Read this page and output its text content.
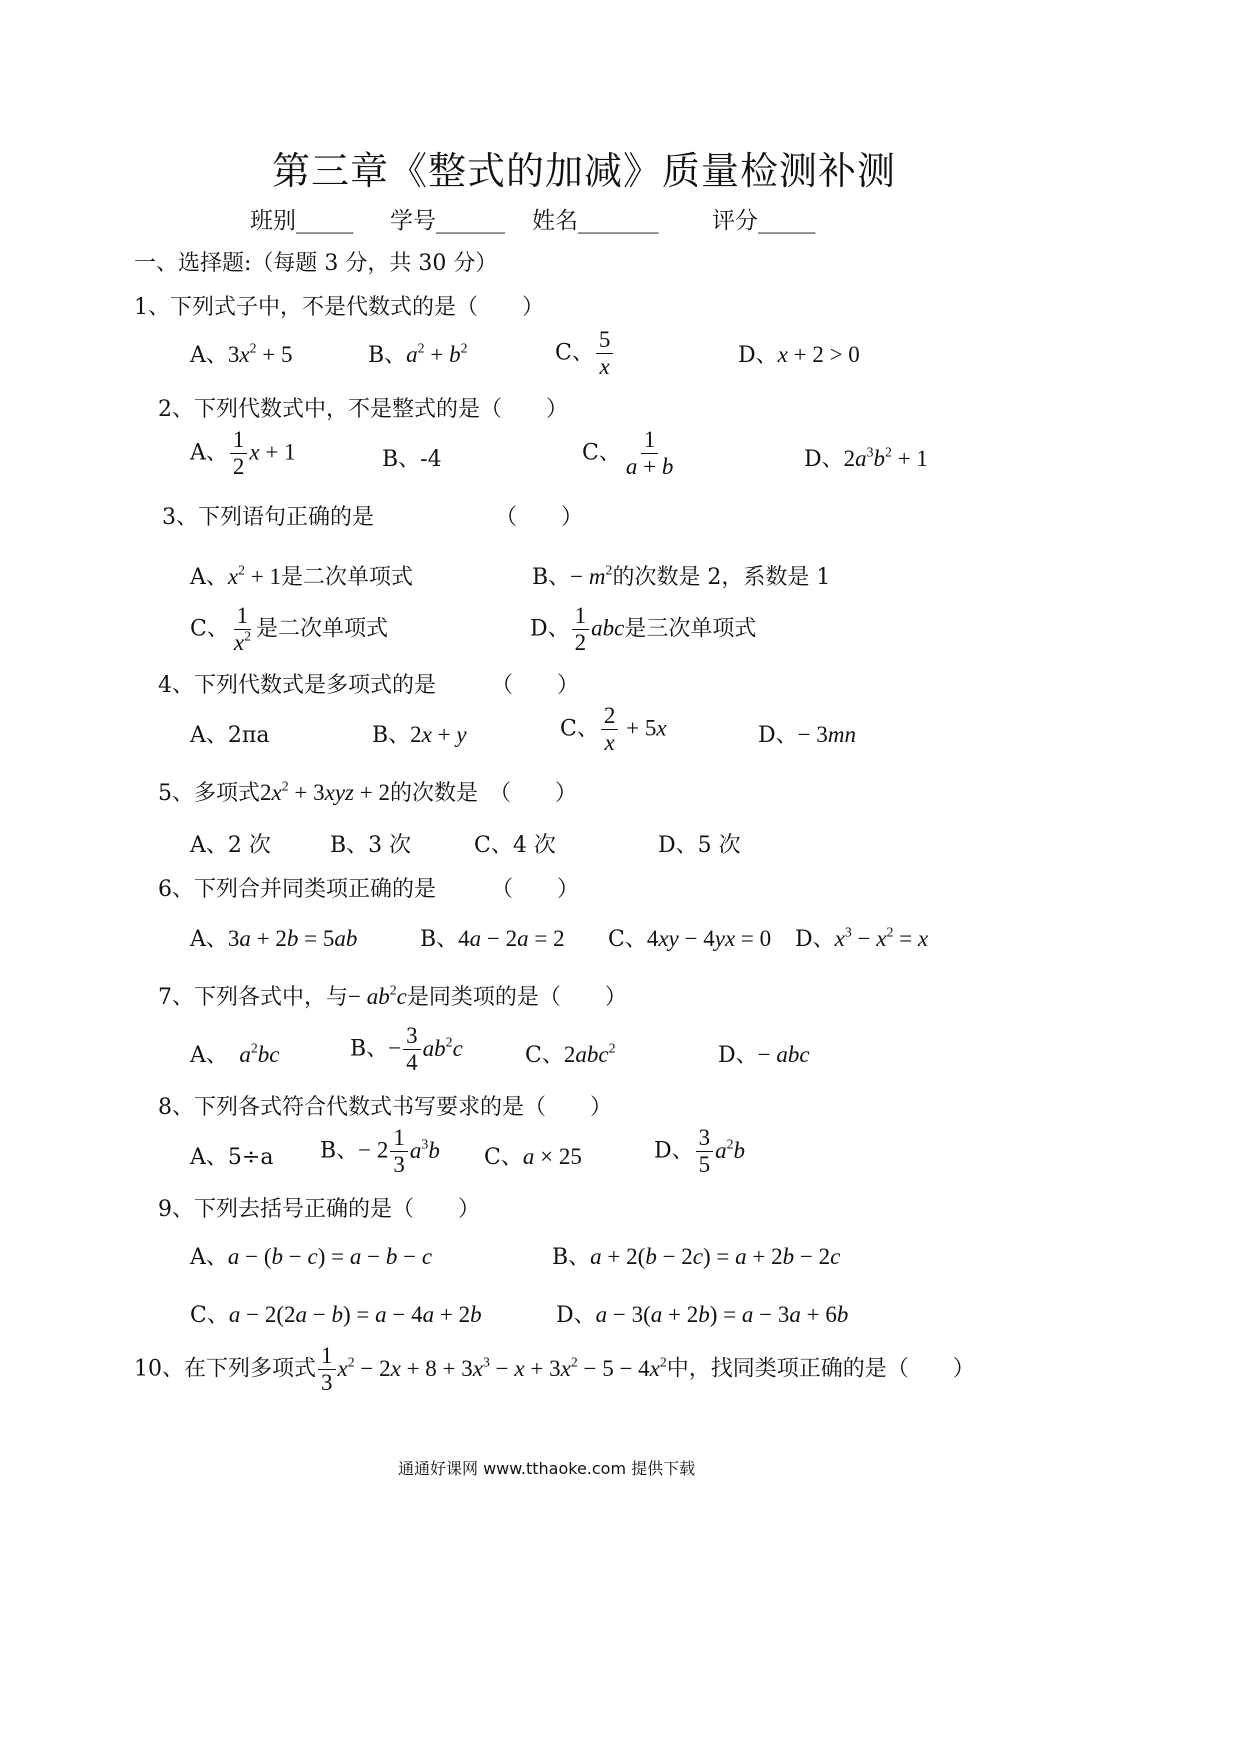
第三章《整式的加减》质量检测补测
班别_____ 学号______ 姓名_______ 评分_____
一、选择题:（每题 3 分，共 30 分）
1、下列式子中，不是代数式的是（　　）
A、$3x^2 + 5$	B、$a^2 + b^2$	C、 $\frac{5}{x}$	D、x + 2 > 0
2、下列代数式中，不是整式的是（　　）
A、 $\frac{1}{2}$ x + 1	B、-4	C、 $\frac{1}{a + b}$	D、$2a^3b^2 + 1$
3、下列语句正确的是　　　　　　（　　）
A、$x^2 + 1$是二次单项式	B、− $m^2$的次数是 2，系数是 1
C、 $\frac{1}{x^2}$ 是二次单项式	D、 $\frac{1}{2}$ abc是三次单项式
4、下列代数式是多项式的是　　　（　　）
A、2πa	B、2x + y	C、 $\frac{2}{x} + 5x$	D、− 3mn
5、多项式$2x^2 + 3xyz + 2$的次数是　（　　）
A、2 次	B、3 次	C、4 次	D、5 次
6、下列合并同类项正确的是　　　（　　）
A、3a + 2b = 5ab	B、4a − 2a = 2 C、4xy − 4yx = 0 D、$x^3 - x^2 = x$
7、下列各式中，与− $ab^2c$是同类项的是（　　）
A、 $a^2bc$	B、− $\frac{3}{4} ab^2c$	C、2abc$^2$	D、− abc
8、下列各式符合代数式书写要求的是（　　）
A、5÷a B、− $2 \frac{1}{3} a^3b$ C、a × 25	D、 $\frac{3}{5} a^2b$
9、下列去括号正确的是（　　）
A、a − (b − c) = a − b − c	B、a + 2(b − 2c) = a + 2b − 2c
C、a − 2(2a − b) = a − 4a + 2b	D、a − 3(a + 2b) = a − 3a + 6b
10、在下列多项式 $\frac{1}{3} x^2 - 2x + 8 + 3x^3 - x + 3x^2 - 5 - 4x^2$中，找同类项正确的是（　　）
通通好课网 www.tthaoke.com 提供下载
